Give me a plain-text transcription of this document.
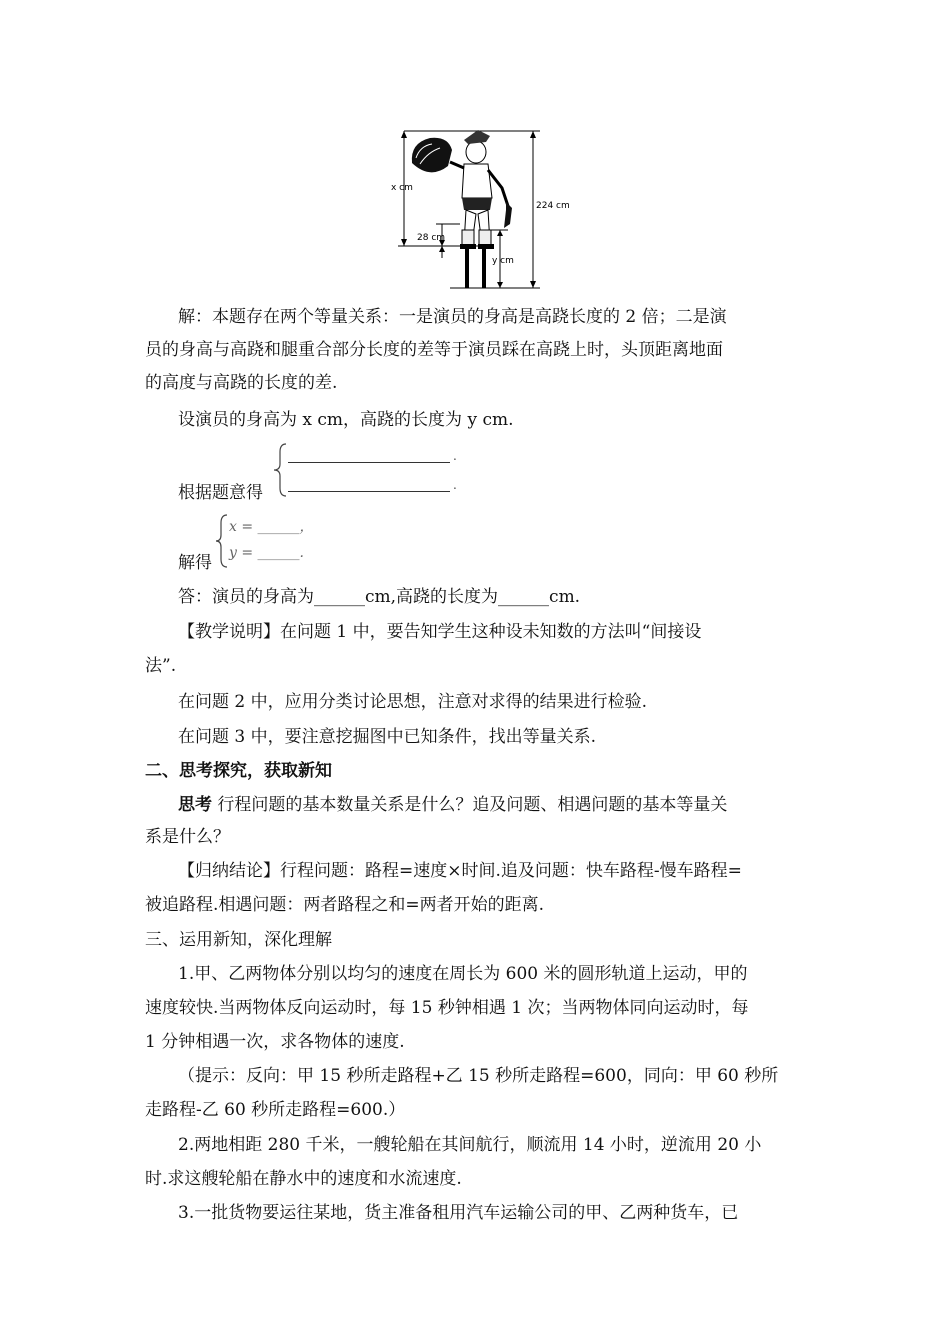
x cm
224 cm
28 cm
y cm
解：本题存在两个等量关系：一是演员的身高是高跷长度的 2 倍；二是演
员的身高与高跷和腿重合部分长度的差等于演员踩在高跷上时，头顶距离地面
的高度与高跷的长度的差.
设演员的身高为 x cm，高跷的长度为 y cm.
根据题意得
.
.
解得
x = ______，
y = ______.
答：演员的身高为______cm,高跷的长度为______cm.
【教学说明】在问题 1 中，要告知学生这种设未知数的方法叫“间接设
法”.
在问题 2 中，应用分类讨论思想，注意对求得的结果进行检验.
在问题 3 中，要注意挖掘图中已知条件，找出等量关系.
二、思考探究，获取新知
思考 行程问题的基本数量关系是什么？追及问题、相遇问题的基本等量关
系是什么？
【归纳结论】行程问题：路程=速度×时间.追及问题：快车路程-慢车路程=
被追路程.相遇问题：两者路程之和=两者开始的距离.
三、运用新知，深化理解
1.甲、乙两物体分别以均匀的速度在周长为 600 米的圆形轨道上运动，甲的
速度较快.当两物体反向运动时，每 15 秒钟相遇 1 次；当两物体同向运动时，每
1 分钟相遇一次，求各物体的速度.
（提示：反向：甲 15 秒所走路程+乙 15 秒所走路程=600，同向：甲 60 秒所
走路程-乙 60 秒所走路程=600.）
2.两地相距 280 千米，一艘轮船在其间航行，顺流用 14 小时，逆流用 20 小
时.求这艘轮船在静水中的速度和水流速度.
3.一批货物要运往某地，货主准备租用汽车运输公司的甲、乙两种货车，已
